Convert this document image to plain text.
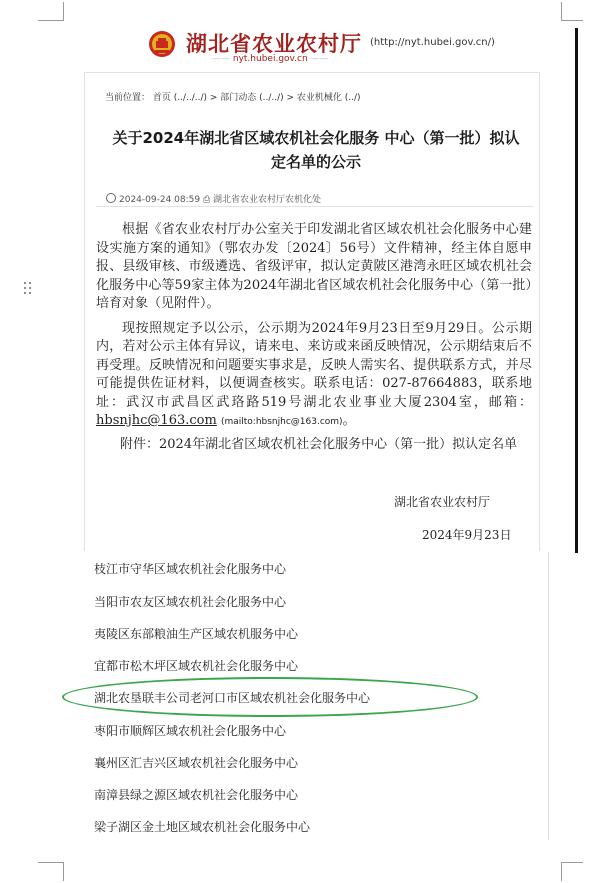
湖北省农业农村厅 (http://nyt.hubei.gov.cn/)
—— nyt.hubei.gov.cn ——
当前位置： 首页 (../../../) > 部门动态 (../../) > 农业机械化 (../)
关于2024年湖北省区域农机社会化服务 中心（第一批）拟认定名单的公示
2024-09-24 08:59 ⎙ 湖北省农业农村厅农机化处

根据《省农业农村厅办公室关于印发湖北省区域农机社会化服务中心建设实施方案的通知》（鄂农办发〔2024〕56号）文件精神，经主体自愿申报、县级审核、市级遴选、省级评审，拟认定黄陂区港湾永旺区域农机社会化服务中心等59家主体为2024年湖北省区域农机社会化服务中心（第一批）培育对象（见附件）。

现按照规定予以公示，公示期为2024年9月23日至9月29日。公示期内，若对公示主体有异议，请来电、来访或来函反映情况，公示期结束后不再受理。反映情况和问题要实事求是，反映人需实名、提供联系方式，并尽可能提供佐证材料，以便调查核实。联系电话：027-87664883，联系地址：武汉市武昌区武珞路519号湖北农业事业大厦2304室，邮箱：hbsnjhc@163.com (mailto:hbsnjhc@163.com)。

附件：2024年湖北省区域农机社会化服务中心（第一批）拟认定名单
湖北省农业农村厅
2024年9月23日
枝江市守华区域农机社会化服务中心
当阳市农友区域农机社会化服务中心
夷陵区东部粮油生产区域农机服务中心
宜都市松木坪区域农机社会化服务中心
湖北农垦联丰公司老河口市区域农机社会化服务中心
枣阳市顺辉区域农机社会化服务中心
襄州区汇吉兴区域农机社会化服务中心
南漳县绿之源区域农机社会化服务中心
梁子湖区金土地区域农机社会化服务中心
